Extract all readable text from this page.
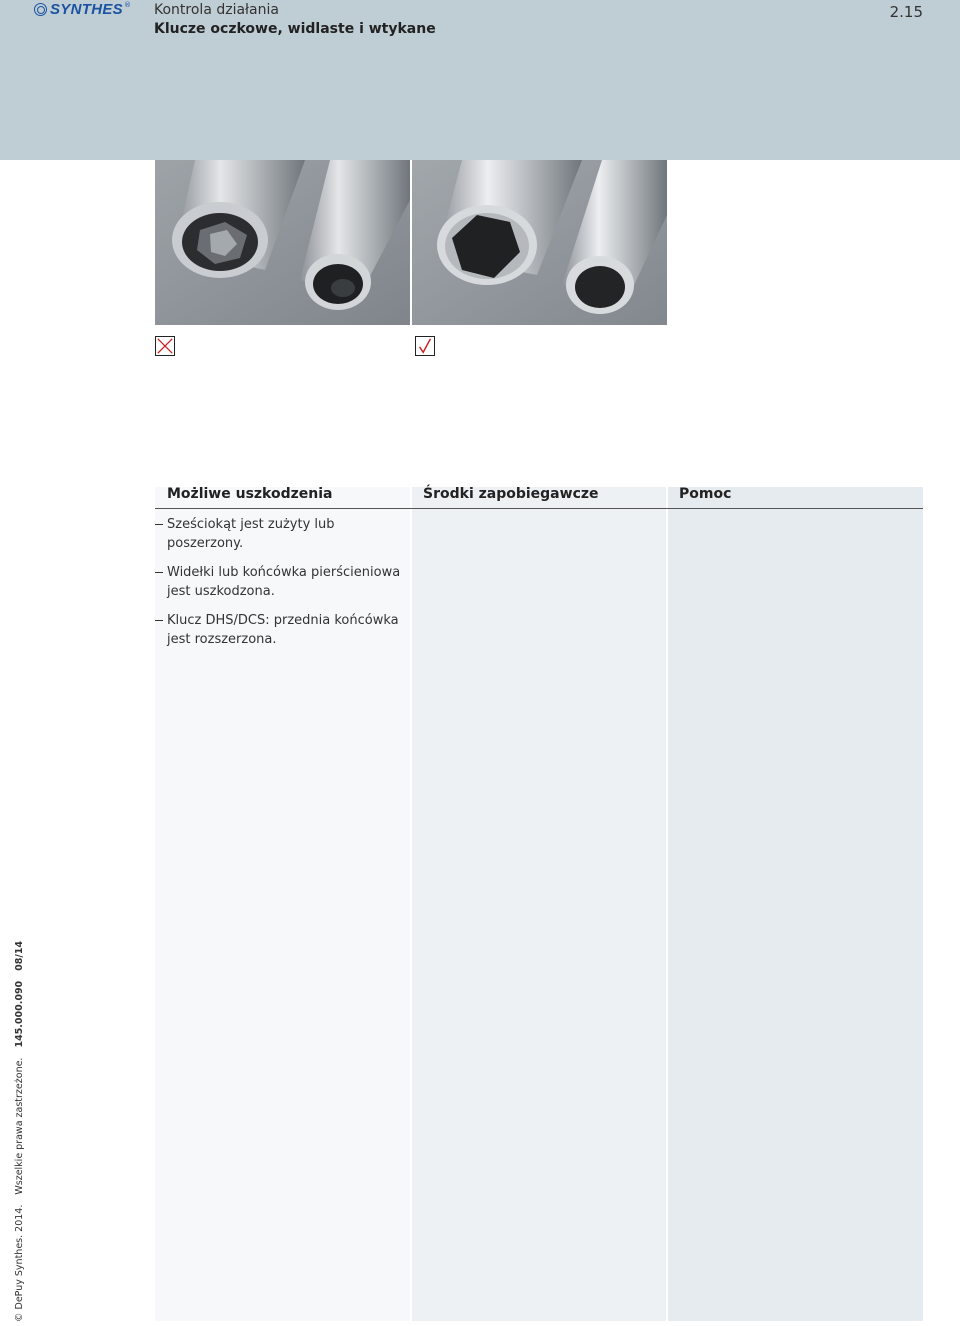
SYNTHES ® Kontrola działania
Klucze oczkowe, widlaste i wtykane
2.15
Możliwe uszkodzenia	Środki zapobiegawcze	Pomoc
Sześciokąt jest zużyty lub poszerzony.
Widełki lub końcówka pierścieniowa jest uszkodzona.
Klucz DHS/DCS: przednia końcówka jest rozszerzona.
© DePuy Synthes. 2014.Wszelkie prawa zastrzeżone.145.000.09008/14
